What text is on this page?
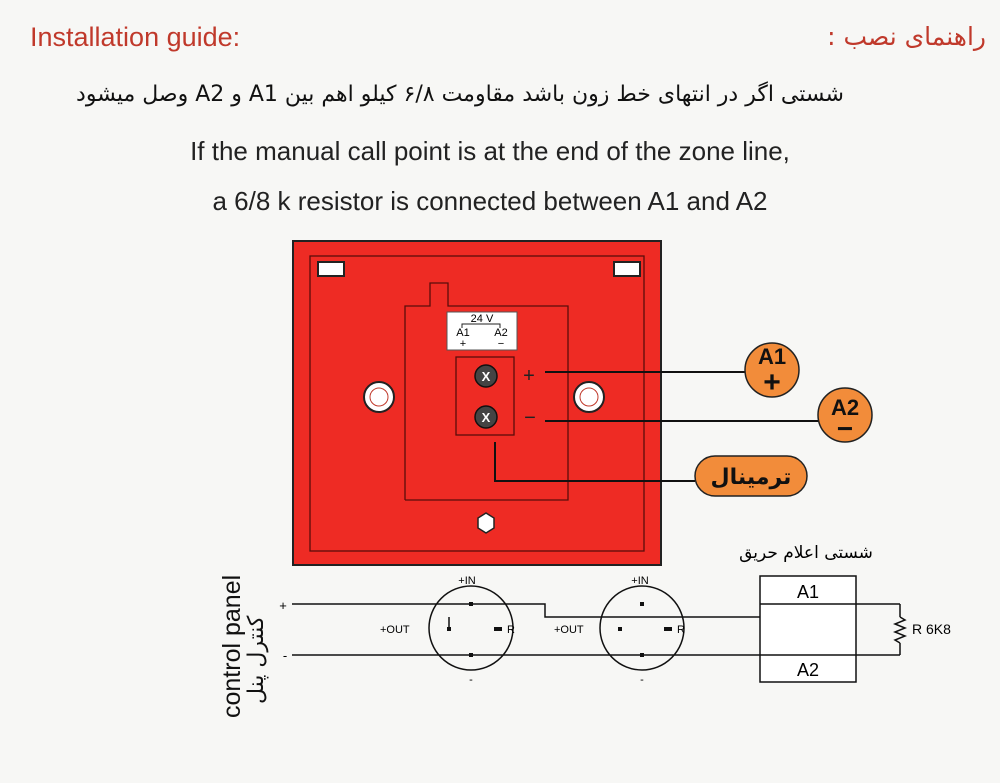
Installation guide:	راهنمای نصب :
شستی اگر در انتهای خط زون باشد مقاومت ۶/۸ کیلو اهم بین A1 و A2 وصل میشود
If the manual call point is at the end of the zone line,
a 6/8 k resistor is connected between A1 and A2
24 V
A1 A2
+	−
X
X
+
−
A1
+
A2
−
ترمینال
+
-
R 6K8
+IN
+OUT	R
-
+IN
+OUT	R
-
شستی اعلام حریق
A1
A2
control panel
کنترل پنل
